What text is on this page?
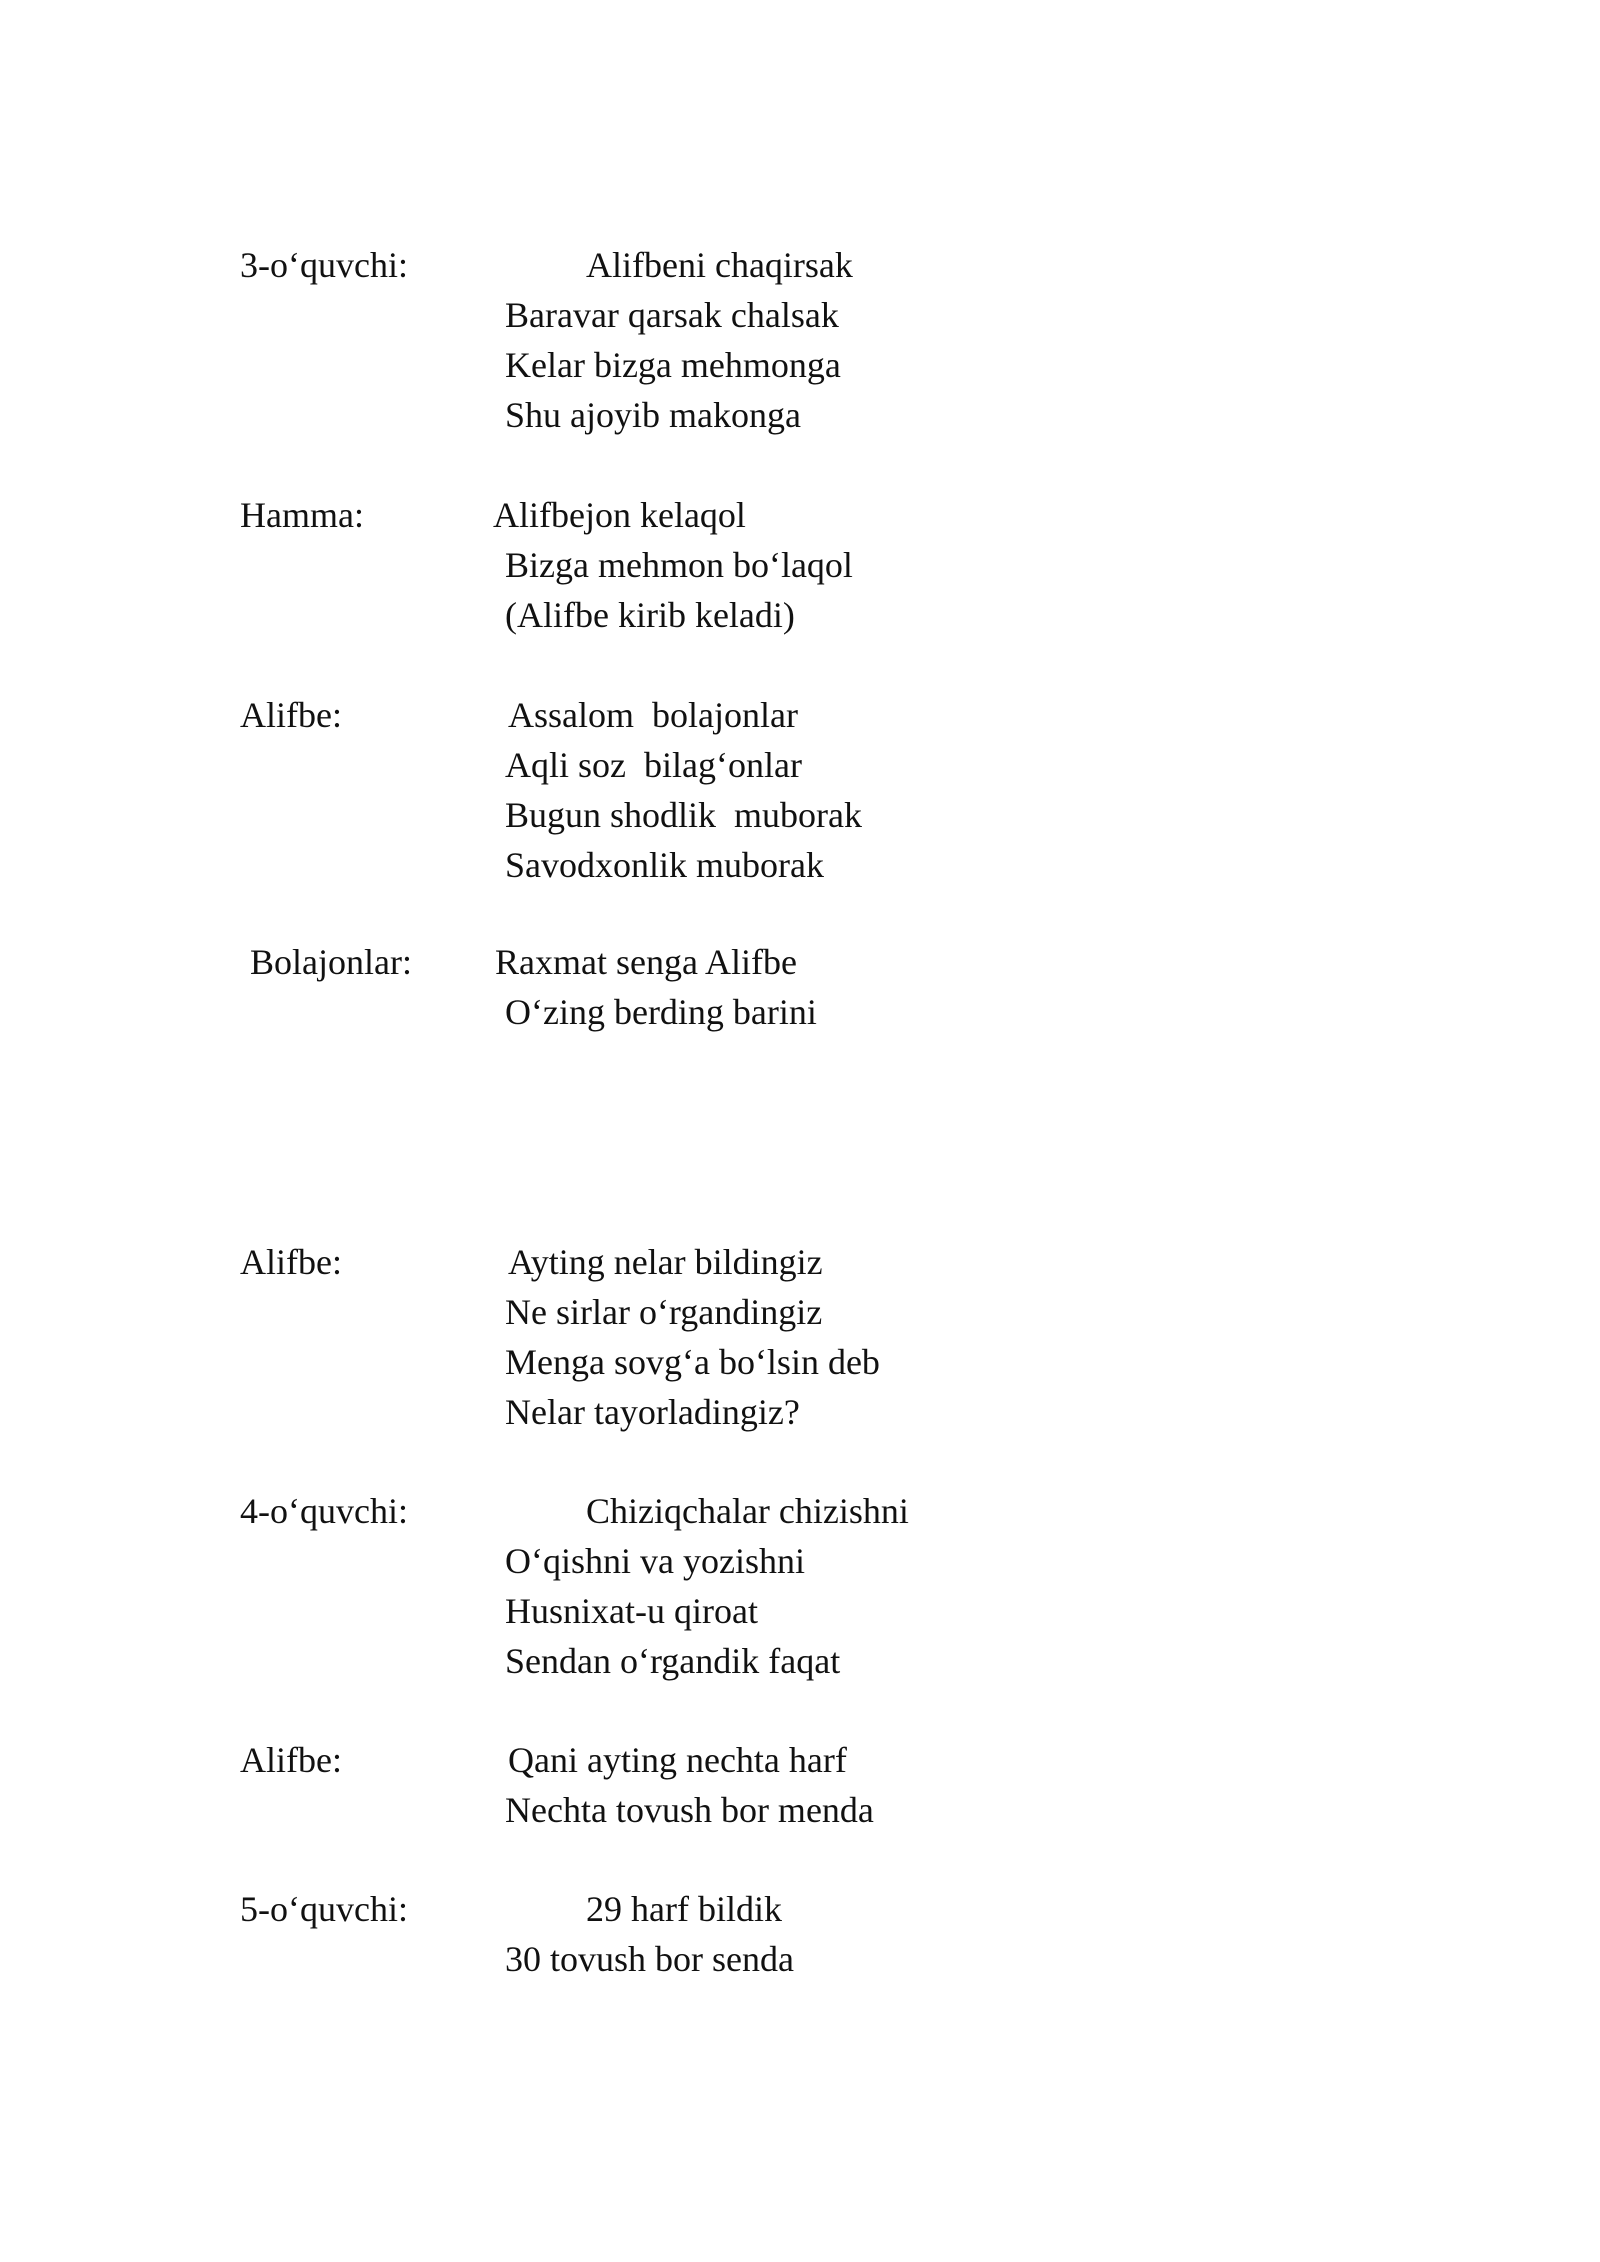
3-o‘quvchi:	Alifbeni chaqirsak
Baravar qarsak chalsak
Kelar bizga mehmonga
Shu ajoyib makonga
Hamma:	Alifbejon kelaqol
Bizga mehmon bo‘laqol
(Alifbe kirib keladi)
Alifbe:	Assalom  bolajonlar
Aqli soz  bilag‘onlar
Bugun shodlik  muborak
Savodxonlik muborak
Bolajonlar: Raxmat senga Alifbe
O‘zing berding barini
Alifbe:	Ayting nelar bildingiz
Ne sirlar o‘rgandingiz
Menga sovg‘a bo‘lsin deb
Nelar tayorladingiz?
4-o‘quvchi:	Chiziqchalar chizishni
O‘qishni va yozishni
Husnixat-u qiroat
Sendan o‘rgandik faqat
Alifbe:	Qani ayting nechta harf
Nechta tovush bor menda
5-o‘quvchi:	29 harf bildik
30 tovush bor senda
